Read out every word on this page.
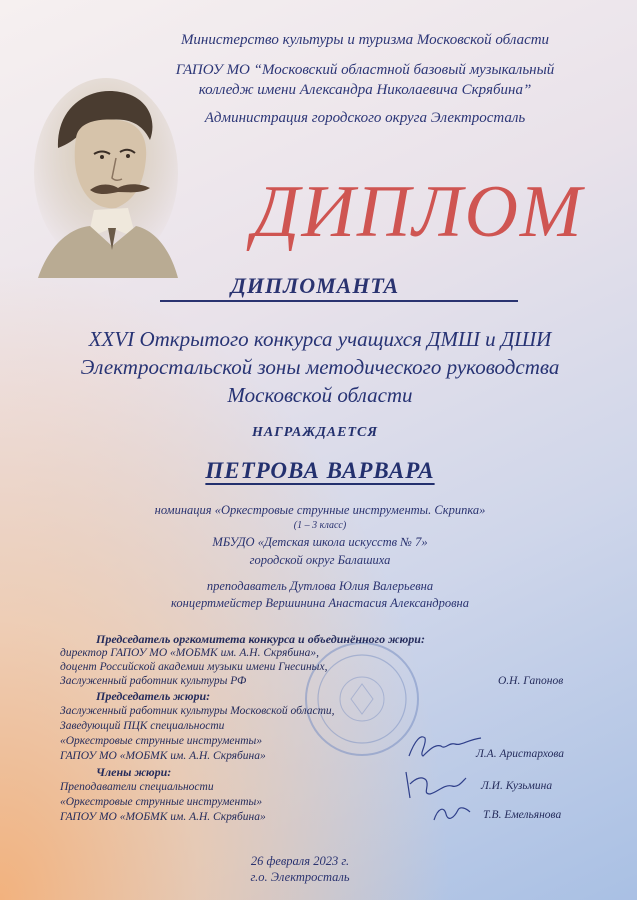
Министерство культуры и туризма Московской области
ГАПОУ МО “Московский областной базовый музыкальный
колледж имени Александра Николаевича Скрябина”
Администрация городского округа Электросталь
ДИПЛОМ
ДИПЛОМАНТА
XXVI Открытого конкурса учащихся ДМШ и ДШИ
Электростальской зоны методического руководства
Московской области
НАГРАЖДАЕТСЯ
ПЕТРОВА ВАРВАРА
номинация «Оркестровые струнные инструменты. Скрипка»
(1 – 3 класс)
МБУДО «Детская школа искусств № 7»
городской округ Балашиха
преподаватель Дутлова Юлия Валерьевна
концертмейстер Вершинина Анастасия Александровна
Председатель оргкомитета конкурса и объединённого жюри:
директор ГАПОУ МО «МОБМК им. А.Н. Скрябина»,
доцент Российской академии музыки имени Гнесиных,
Заслуженный работник культуры РФ	О.Н. Гапонов
Председатель жюри:
Заслуженный работник культуры Московской области,
Заведующий ПЦК специальности
«Оркестровые струнные инструменты»
ГАПОУ МО «МОБМК им. А.Н. Скрябина»	Л.А. Аристархова
Члены жюри:
Преподаватели специальности
«Оркестровые струнные инструменты»
ГАПОУ МО «МОБМК им. А.Н. Скрябина»
Л.И. Кузьмина
Т.В. Емельянова
26 февраля 2023 г.
г.о. Электросталь
